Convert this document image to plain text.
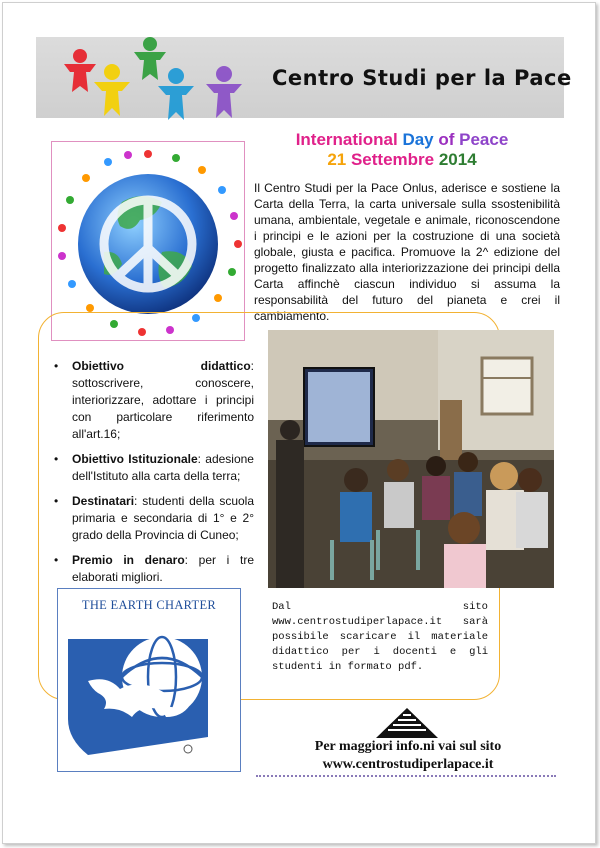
Centro Studi per la Pace
International Day of Peace
21 Settembre 2014
Il Centro Studi per la Pace Onlus, aderisce e sostiene la Carta della Terra, la carta universale sulla ssostenibilità umana, ambientale, vegetale e animale, riconoscendone i principi e le azioni per la costruzione di una società globale, giusta e pacifica. Promuove la 2^ edizione del progetto finalizzato alla interiorizzazione dei principi della Carta affinchè ciascun individuo si assuma la responsabilità del futuro del pianeta e crei il cambiamento.
• Obiettivo didattico: sottoscrivere, conoscere, interiorizzare, adottare i principi con particolare riferimento all'art.16;
• Obiettivo Istituzionale: adesione dell'Istituto alla carta della terra;
• Destinatari: studenti della scuola primaria e secondaria di 1° e 2° grado della Provincia di Cuneo;
• Premio in denaro: per i tre elaborati migliori.
THE EARTH CHARTER	Dal sito www.centrostudiperlapace.it sarà possibile scaricare il materiale didattico per i docenti e gli studenti in formato pdf.
Per maggiori info.ni vai sul sito
www.centrostudiperlapace.it
